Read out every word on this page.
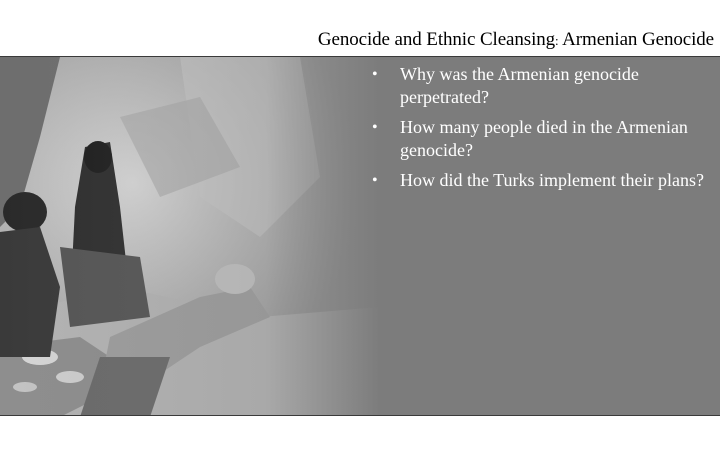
Genocide and Ethnic Cleansing: Armenian Genocide
• Why was the Armenian genocide perpetrated?
• How many people died in the Armenian genocide?
• How did the Turks implement their plans?
